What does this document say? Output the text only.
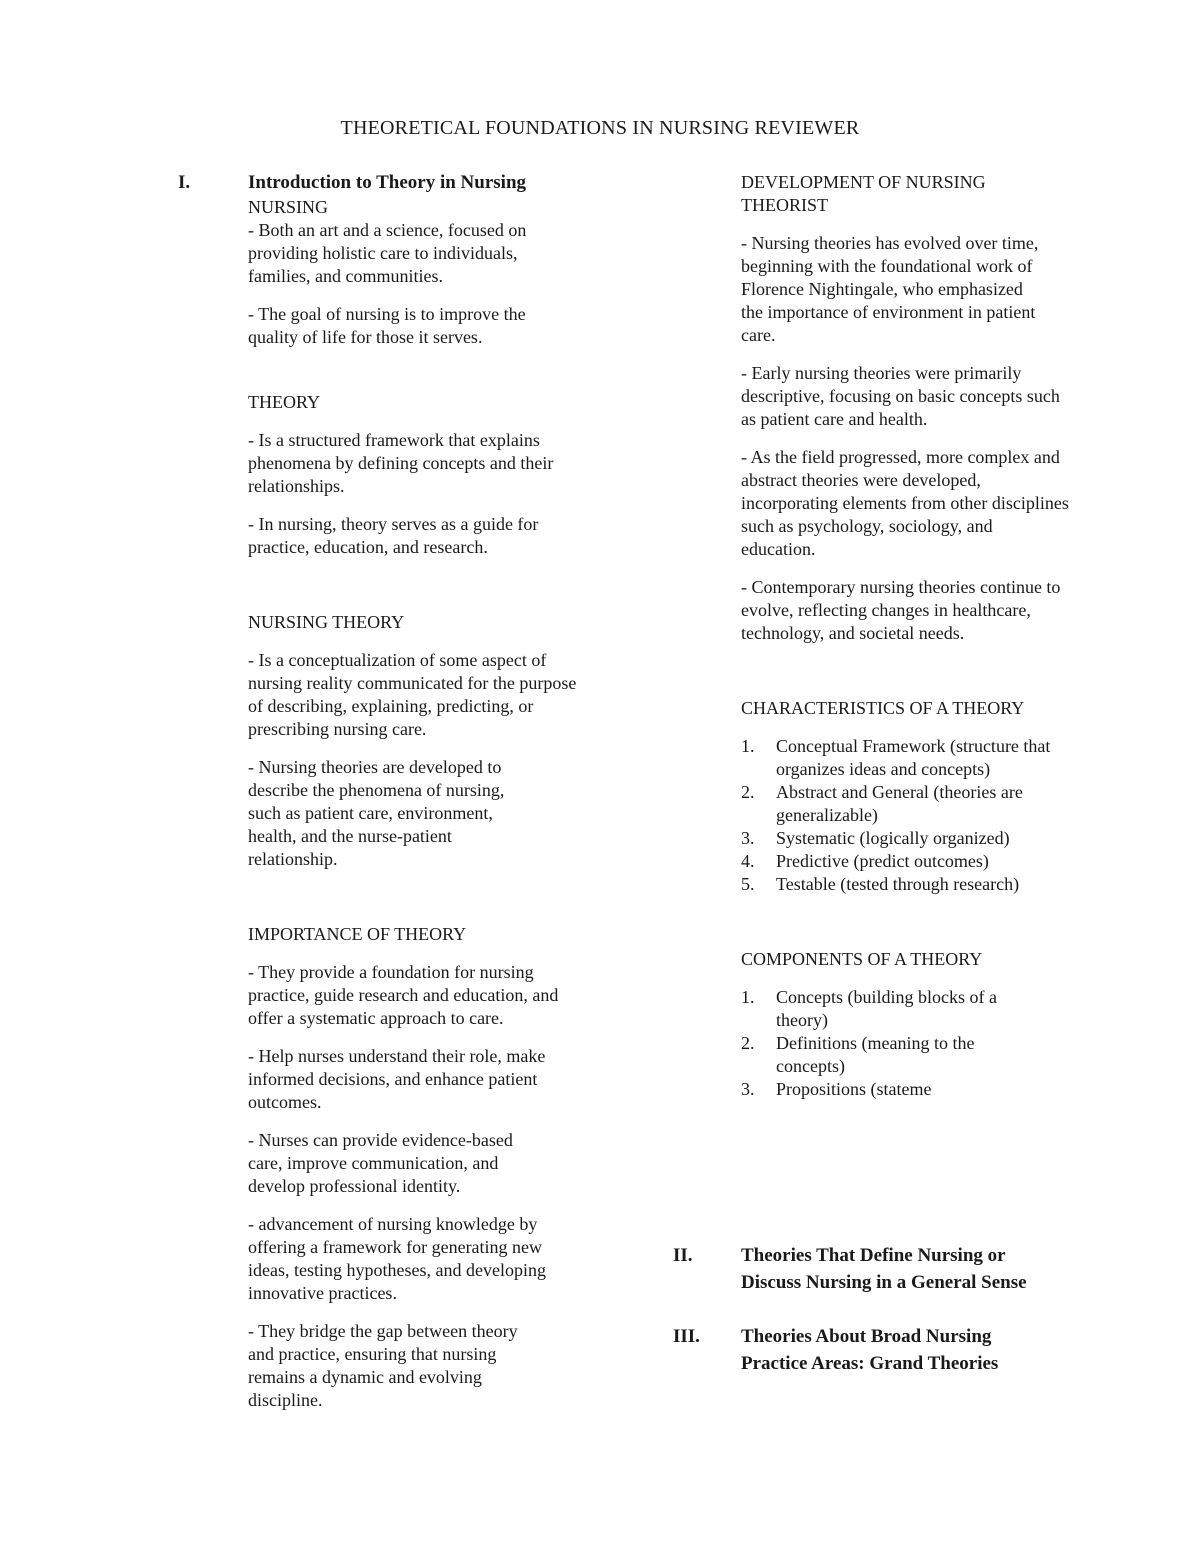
THEORETICAL FOUNDATIONS IN NURSING REVIEWER
I.	Introduction to Theory in Nursing

NURSING

- Both an art and a science, focused on providing holistic care to individuals, families, and communities.

- The goal of nursing is to improve the quality of life for those it serves.

THEORY

- Is a structured framework that explains phenomena by defining concepts and their relationships.

- In nursing, theory serves as a guide for practice, education, and research.

NURSING THEORY

- Is a conceptualization of some aspect of nursing reality communicated for the purpose of describing, explaining, predicting, or prescribing nursing care.

- Nursing theories are developed to describe the phenomena of nursing, such as patient care, environment, health, and the nurse-patient relationship.

IMPORTANCE OF THEORY

- They provide a foundation for nursing practice, guide research and education, and offer a systematic approach to care.

- Help nurses understand their role, make informed decisions, and enhance patient outcomes.

- Nurses can provide evidence-based care, improve communication, and develop professional identity.

- advancement of nursing knowledge by offering a framework for generating new ideas, testing hypotheses, and developing innovative practices.

- They bridge the gap between theory and practice, ensuring that nursing remains a dynamic and evolving discipline.

DEVELOPMENT OF NURSING THEORIST

- Nursing theories has evolved over time, beginning with the foundational work of Florence Nightingale, who emphasized the importance of environment in patient care.

- Early nursing theories were primarily descriptive, focusing on basic concepts such as patient care and health.

- As the field progressed, more complex and abstract theories were developed, incorporating elements from other disciplines such as psychology, sociology, and education.

- Contemporary nursing theories continue to evolve, reflecting changes in healthcare, technology, and societal needs.

CHARACTERISTICS OF A THEORY

1.	Conceptual Framework (structure that organizes ideas and concepts)
2.	Abstract and General (theories are generalizable)
3.	Systematic (logically organized)
4.	Predictive (predict outcomes)
5.	Testable (tested through research)

COMPONENTS OF A THEORY

1.	Concepts (building blocks of a theory)
2.	Definitions (meaning to the concepts)
3.	Propositions (stateme
II.	Theories That Define Nursing or Discuss Nursing in a General Sense
III. Theories About Broad Nursing Practice Areas: Grand Theories
